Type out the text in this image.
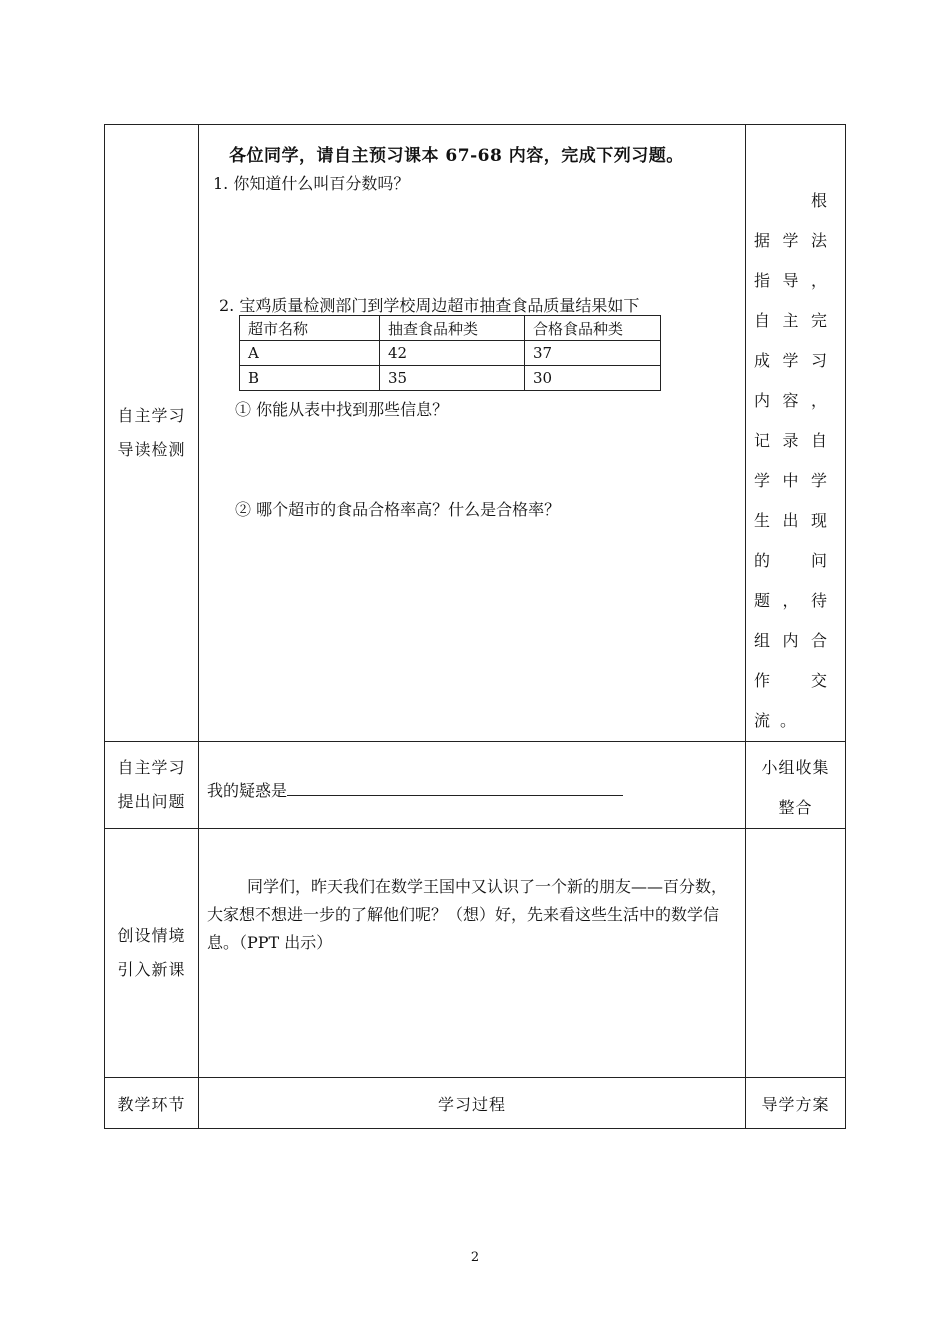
自主学习
导读检测

各位同学，请自主预习课本 67-68 内容，完成下列习题。
1. 你知道什么叫百分数吗？
2. 宝鸡质量检测部门到学校周边超市抽查食品质量结果如下
超市名称	抽查食品种类	合格食品种类
A	42	37
B	35	30
① 你能从表中找到那些信息？
② 哪个超市的食品合格率高？什么是合格率？
	根据学法指导，自主完成学习内容，记录自学中学生出现的问题，待组内合作交流。

自主学习
提出问题

我的疑惑是

小组收集
整合

创设情境
引入新课

同学们，昨天我们在数学王国中又认识了一个新的朋友——百分数，大家想不想进一步的了解他们呢？（想）好，先来看这些生活中的数学信息。（PPT 出示）

教学环节	学习过程	导学方案
2
